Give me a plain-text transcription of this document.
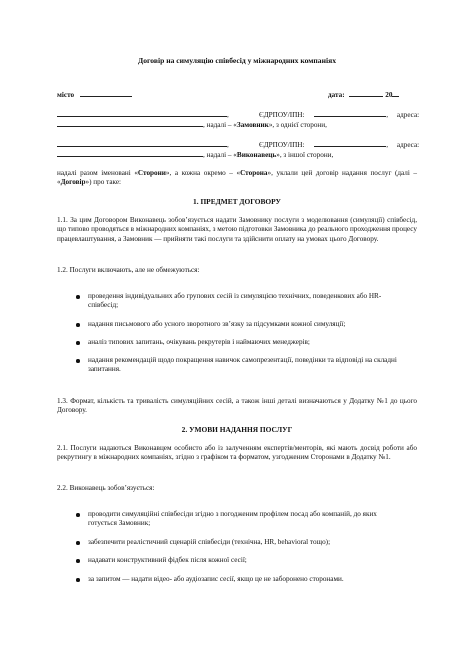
Договір на симуляцію співбесід у міжнародних компаніях
місто	дата:	20
,	ЄДРПОУ/ІПН:	, адреса:
, надалі – «Замовник», з однієї сторони,
,	ЄДРПОУ/ІПН:	, адреса:
, надалі – «Виконавець», з іншої сторони,
надалі разом іменовані «Сторони», а кожна окремо – «Сторона», уклали цей договір надання послуг (далі – «Договір») про таке:
1. ПРЕДМЕТ ДОГОВОРУ
1.1. За цим Договором Виконавець зобов’язується надати Замовнику послуги з моделювання (симуляції) співбесід, що типово проводяться в міжнародних компаніях, з метою підготовки Замовника до реального проходження процесу працевлаштування, а Замовник — прийняти такі послуги та здійснити оплату на умовах цього Договору.
1.2. Послуги включають, але не обмежуються:
проведення індивідуальних або групових сесій із симуляцією технічних, поведенкових або HR-співбесід;
надання письмового або усного зворотного зв’язку за підсумками кожної симуляції;
аналіз типових запитань, очікувань рекрутерів і наймаючих менеджерів;
надання рекомендацій щодо покращення навичок самопрезентації, поведінки та відповіді на складні запитання.
1.3. Формат, кількість та тривалість симуляційних сесій, а також інші деталі визначаються у Додатку №1 до цього Договору.
2. УМОВИ НАДАННЯ ПОСЛУГ
2.1. Послуги надаються Виконавцем особисто або із залученням експертів/менторів, які мають досвід роботи або рекрутингу в міжнародних компаніях, згідно з графіком та форматом, узгодженим Сторонами в Додатку №1.
2.2. Виконавець зобов’язується:
проводити симуляційні співбесіди згідно з погодженим профілем посад або компаній, до яких готується Замовник;
забезпечити реалістичний сценарій співбесіди (технічна, HR, behavioral тощо);
надавати конструктивний фідбек після кожної сесії;
за запитом — надати відео- або аудіозапис сесії, якщо це не заборонено сторонами.
